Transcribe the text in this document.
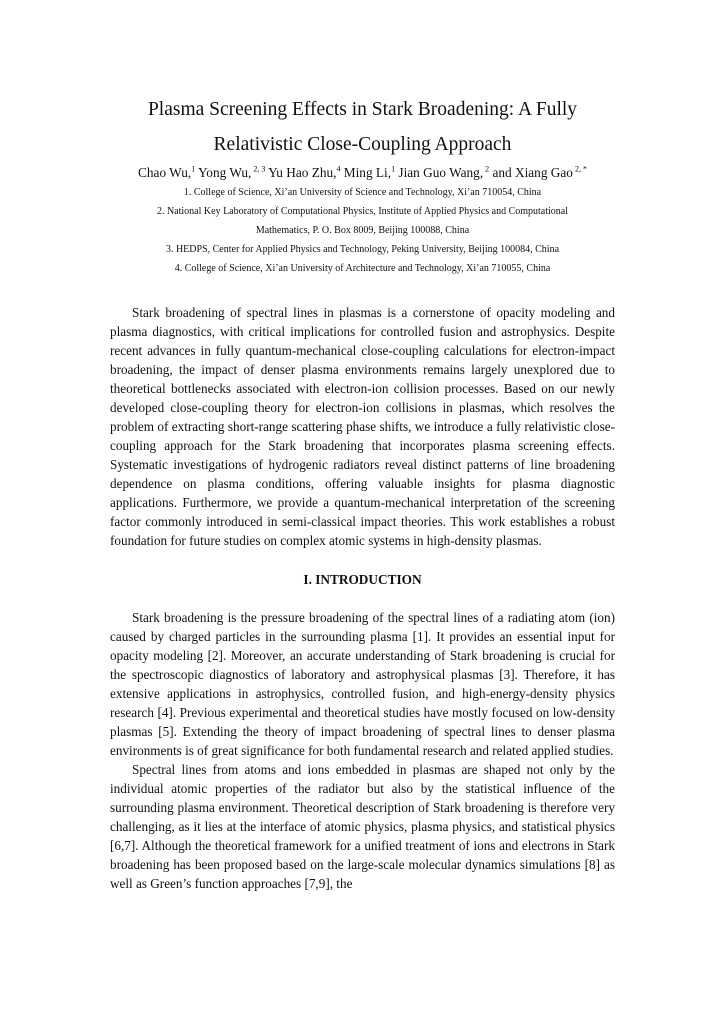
Plasma Screening Effects in Stark Broadening: A Fully
Relativistic Close-Coupling Approach
Chao Wu,$^1$ Yong Wu, $^{2, 3}$ Yu Hao Zhu,$^4$ Ming Li,$^1$ Jian Guo Wang, $^2$ and Xiang Gao $^{2, *}$
1. College of Science, Xi’an University of Science and Technology, Xi’an 710054, China
2. National Key Laboratory of Computational Physics, Institute of Applied Physics and Computational
Mathematics, P. O. Box 8009, Beijing 100088, China
3. HEDPS, Center for Applied Physics and Technology, Peking University, Beijing 100084, China
4. College of Science, Xi’an University of Architecture and Technology, Xi’an 710055, China

Stark broadening of spectral lines in plasmas is a cornerstone of opacity modeling and plasma diagnostics, with critical implications for controlled fusion and astrophysics. Despite recent advances in fully quantum-mechanical close-coupling calculations for electron-impact broadening, the impact of denser plasma environments remains largely unexplored due to theoretical bottlenecks associated with electron-ion collision processes. Based on our newly developed close-coupling theory for electron-ion collisions in plasmas, which resolves the problem of extracting short-range scattering phase shifts, we introduce a fully relativistic close-coupling approach for the Stark broadening that incorporates plasma screening effects. Systematic investigations of hydrogenic radiators reveal distinct patterns of line broadening dependence on plasma conditions, offering valuable insights for plasma diagnostic applications. Furthermore, we provide a quantum-mechanical interpretation of the screening factor commonly introduced in semi-classical impact theories. This work establishes a robust foundation for future studies on complex atomic systems in high-density plasmas.

I. INTRODUCTION

Stark broadening is the pressure broadening of the spectral lines of a radiating atom (ion) caused by charged particles in the surrounding plasma [1]. It provides an essential input for opacity modeling [2]. Moreover, an accurate understanding of Stark broadening is crucial for the spectroscopic diagnostics of laboratory and astrophysical plasmas [3]. Therefore, it has extensive applications in astrophysics, controlled fusion, and high-energy-density physics research [4]. Previous experimental and theoretical studies have mostly focused on low-density plasmas [5]. Extending the theory of impact broadening of spectral lines to denser plasma environments is of great significance for both fundamental research and related applied studies.

Spectral lines from atoms and ions embedded in plasmas are shaped not only by the individual atomic properties of the radiator but also by the statistical influence of the surrounding plasma environment. Theoretical description of Stark broadening is therefore very challenging, as it lies at the interface of atomic physics, plasma physics, and statistical physics [6,7]. Although the theoretical framework for a unified treatment of ions and electrons in Stark broadening has been proposed based on the large-scale molecular dynamics simulations [8] as well as Green’s function approaches [7,9], the
